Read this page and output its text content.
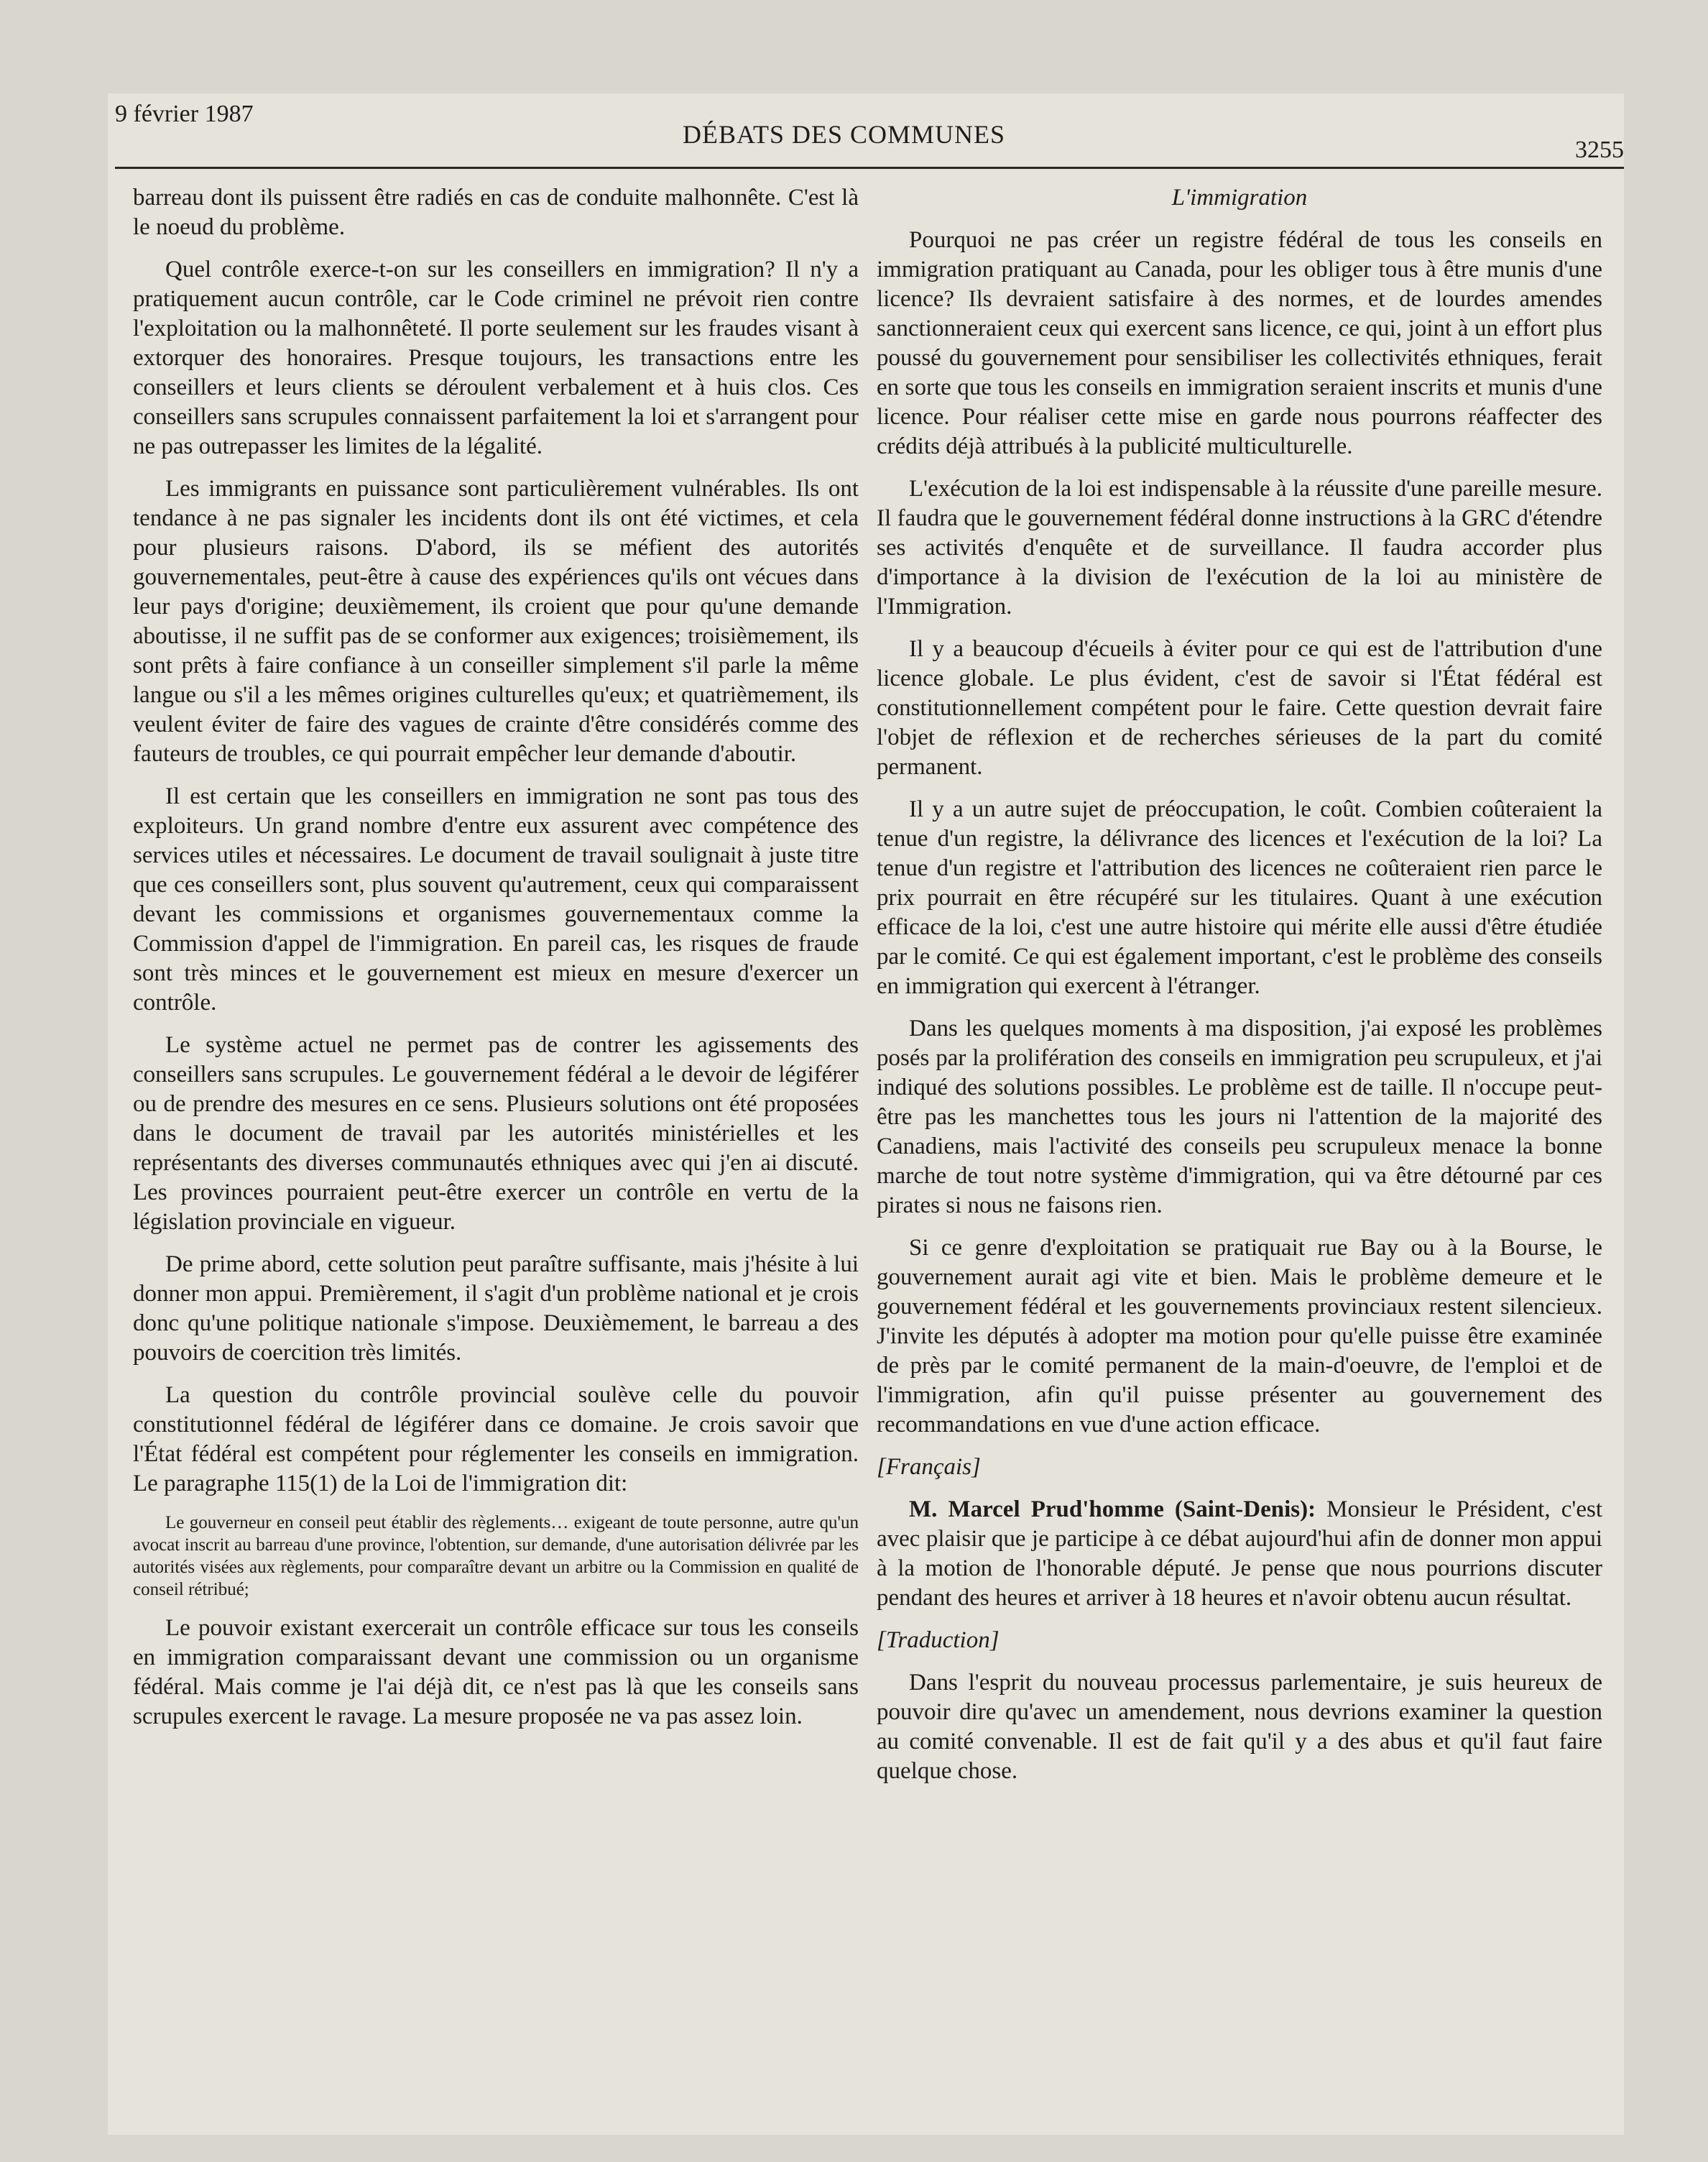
9 février 1987
DÉBATS DES COMMUNES
3255

barreau dont ils puissent être radiés en cas de conduite malhonnête. C'est là le noeud du problème.

Quel contrôle exerce-t-on sur les conseillers en immigration? Il n'y a pratiquement aucun contrôle, car le Code criminel ne prévoit rien contre l'exploitation ou la malhonnêteté. Il porte seulement sur les fraudes visant à extorquer des honoraires. Presque toujours, les transactions entre les conseillers et leurs clients se déroulent verbalement et à huis clos. Ces conseillers sans scrupules connaissent parfaitement la loi et s'arrangent pour ne pas outrepasser les limites de la légalité.

Les immigrants en puissance sont particulièrement vulnérables. Ils ont tendance à ne pas signaler les incidents dont ils ont été victimes, et cela pour plusieurs raisons. D'abord, ils se méfient des autorités gouvernementales, peut-être à cause des expériences qu'ils ont vécues dans leur pays d'origine; deuxièmement, ils croient que pour qu'une demande aboutisse, il ne suffit pas de se conformer aux exigences; troisièmement, ils sont prêts à faire confiance à un conseiller simplement s'il parle la même langue ou s'il a les mêmes origines culturelles qu'eux; et quatrièmement, ils veulent éviter de faire des vagues de crainte d'être considérés comme des fauteurs de troubles, ce qui pourrait empêcher leur demande d'aboutir.

Il est certain que les conseillers en immigration ne sont pas tous des exploiteurs. Un grand nombre d'entre eux assurent avec compétence des services utiles et nécessaires. Le document de travail soulignait à juste titre que ces conseillers sont, plus souvent qu'autrement, ceux qui comparaissent devant les commissions et organismes gouvernementaux comme la Commission d'appel de l'immigration. En pareil cas, les risques de fraude sont très minces et le gouvernement est mieux en mesure d'exercer un contrôle.

Le système actuel ne permet pas de contrer les agissements des conseillers sans scrupules. Le gouvernement fédéral a le devoir de légiférer ou de prendre des mesures en ce sens. Plusieurs solutions ont été proposées dans le document de travail par les autorités ministérielles et les représentants des diverses communautés ethniques avec qui j'en ai discuté. Les provinces pourraient peut-être exercer un contrôle en vertu de la législation provinciale en vigueur.

De prime abord, cette solution peut paraître suffisante, mais j'hésite à lui donner mon appui. Premièrement, il s'agit d'un problème national et je crois donc qu'une politique nationale s'impose. Deuxièmement, le barreau a des pouvoirs de coercition très limités.

La question du contrôle provincial soulève celle du pouvoir constitutionnel fédéral de légiférer dans ce domaine. Je crois savoir que l'État fédéral est compétent pour réglementer les conseils en immigration. Le paragraphe 115(1) de la Loi de l'immigration dit:

Le gouverneur en conseil peut établir des règlements… exigeant de toute personne, autre qu'un avocat inscrit au barreau d'une province, l'obtention, sur demande, d'une autorisation délivrée par les autorités visées aux règlements, pour comparaître devant un arbitre ou la Commission en qualité de conseil rétribué;

Le pouvoir existant exercerait un contrôle efficace sur tous les conseils en immigration comparaissant devant une commission ou un organisme fédéral. Mais comme je l'ai déjà dit, ce n'est pas là que les conseils sans scrupules exercent le ravage. La mesure proposée ne va pas assez loin.

L'immigration

Pourquoi ne pas créer un registre fédéral de tous les conseils en immigration pratiquant au Canada, pour les obliger tous à être munis d'une licence? Ils devraient satisfaire à des normes, et de lourdes amendes sanctionneraient ceux qui exercent sans licence, ce qui, joint à un effort plus poussé du gouvernement pour sensibiliser les collectivités ethniques, ferait en sorte que tous les conseils en immigration seraient inscrits et munis d'une licence. Pour réaliser cette mise en garde nous pourrons réaffecter des crédits déjà attribués à la publicité multiculturelle.

L'exécution de la loi est indispensable à la réussite d'une pareille mesure. Il faudra que le gouvernement fédéral donne instructions à la GRC d'étendre ses activités d'enquête et de surveillance. Il faudra accorder plus d'importance à la division de l'exécution de la loi au ministère de l'Immigration.

Il y a beaucoup d'écueils à éviter pour ce qui est de l'attribution d'une licence globale. Le plus évident, c'est de savoir si l'État fédéral est constitutionnellement compétent pour le faire. Cette question devrait faire l'objet de réflexion et de recherches sérieuses de la part du comité permanent.

Il y a un autre sujet de préoccupation, le coût. Combien coûteraient la tenue d'un registre, la délivrance des licences et l'exécution de la loi? La tenue d'un registre et l'attribution des licences ne coûteraient rien parce le prix pourrait en être récupéré sur les titulaires. Quant à une exécution efficace de la loi, c'est une autre histoire qui mérite elle aussi d'être étudiée par le comité. Ce qui est également important, c'est le problème des conseils en immigration qui exercent à l'étranger.

Dans les quelques moments à ma disposition, j'ai exposé les problèmes posés par la prolifération des conseils en immigration peu scrupuleux, et j'ai indiqué des solutions possibles. Le problème est de taille. Il n'occupe peut-être pas les manchettes tous les jours ni l'attention de la majorité des Canadiens, mais l'activité des conseils peu scrupuleux menace la bonne marche de tout notre système d'immigration, qui va être détourné par ces pirates si nous ne faisons rien.

Si ce genre d'exploitation se pratiquait rue Bay ou à la Bourse, le gouvernement aurait agi vite et bien. Mais le problème demeure et le gouvernement fédéral et les gouvernements provinciaux restent silencieux. J'invite les députés à adopter ma motion pour qu'elle puisse être examinée de près par le comité permanent de la main-d'oeuvre, de l'emploi et de l'immigration, afin qu'il puisse présenter au gouvernement des recommandations en vue d'une action efficace.

[Français]

M. Marcel Prud'homme (Saint-Denis): Monsieur le Président, c'est avec plaisir que je participe à ce débat aujourd'hui afin de donner mon appui à la motion de l'honorable député. Je pense que nous pourrions discuter pendant des heures et arriver à 18 heures et n'avoir obtenu aucun résultat.

[Traduction]

Dans l'esprit du nouveau processus parlementaire, je suis heureux de pouvoir dire qu'avec un amendement, nous devrions examiner la question au comité convenable. Il est de fait qu'il y a des abus et qu'il faut faire quelque chose.
